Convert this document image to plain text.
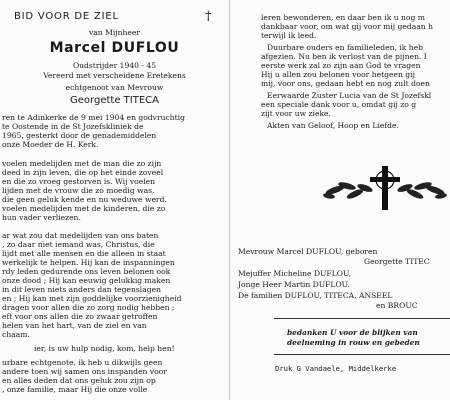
†
BID VOOR DE ZIEL
van Mijnheer
Marcel DUFLOU
Oudstrijder 1940 - 45
Vereerd met verscheidene Eretekens
echtgenoot van Mevrouw
Georgette TITECA
ren te Adinkerke de 9 mei 1904 en godvruchtig
te Oostende in de St Jozefskliniek de
1965, gesterkt door de genademiddelen
onze Moeder de H. Kerk.
voelen medelijden met de man die zo zijn
deed in zijn leven, die op het einde zoveel
en die zo vroeg gestorven is. Wij voelen
lijden met de vrouw die zo moedig was,
die geen geluk kende en nu weduwe werd.
voelen medelijden met de kinderen, die zo
hun vader verliezen.
ar wat zou dat medelijden van ons baten
, zo daar niet iemand was, Christus, die
lijdt met alle mensen en die alleen in staat
werkelijk te helpen. Hij kan de inspanningen
rdy leden gedurende ons leven belonen ook
onze dood ; Hij kan eeuwig gelukkig maken
in dit leven niets anders dan tegenslagen
en ; Hij kan met zijn goddelijke voorzienigheid
dragen voor allen die zo zorg nodig hebben ;
eft voor ons allen die zo zwaar getroffen
helen van het hart, van de ziel en van
chaam.
ier, is uw hulp nodig, kom, help hen!
urbare echtgenote, ik heb u dikwijls geen
andere toen wij samen ons inspanden voor
en alles deden dat ons geluk zou zijn op
, onze familie, maar Hij die onze volle
leren bewonderen, en daar ben ik u nog m
dankbaar voor, om wat gij voor mij gedaan h
terwijl ik leed.
Duurbare ouders en familieleden, ik heb
afgezien. Nu ben ik verlost van de pijnen. I
eerste werk zal zo zijn aan God te vragen
Hij u allen zou belonen voor hetgeen gij
mij, voor ons, gedaan hebt en nog zult doen
Eerwaarde Zuster Lucia van de St Jozefskl
een speciale dank voor u, omdat gij zo g
zijt voor uw zieke.
Akten van Geloof, Hoop en Liefde.
Mevrouw Marcel DUFLOU, geboren
Georgette TITEC
Mejuffer Micheline DUFLOU,
Jonge Heer Martin DUFLOU.
De familien DUFLOU, TITECA, ANSEEL
en BROUC
bedanken U voor de blijken van
deelneming in rouw en gebeden
Druk G Vandaele, Middelkerke
